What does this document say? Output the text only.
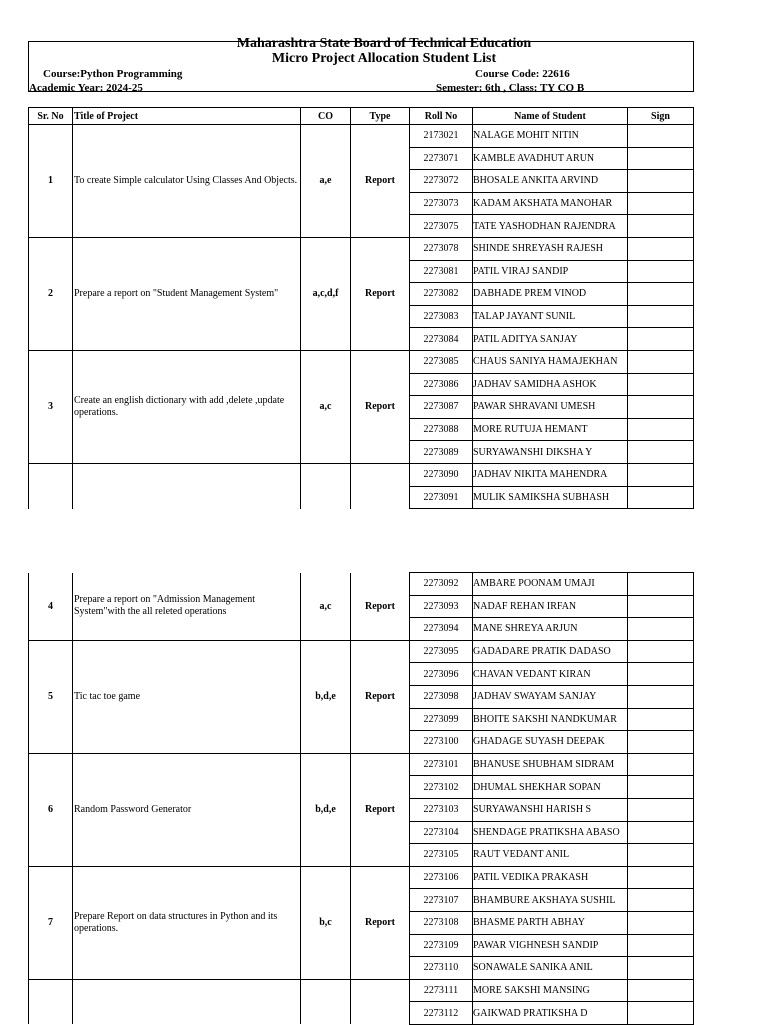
Maharashtra State Board of Technical Education
Micro Project Allocation Student List
Course:Python Programming	Course Code: 22616
Academic Year: 2024-25	Semester: 6th , Class: TY CO B
Sr. No	Title of Project	CO	Type	Roll No	Name of Student	Sign
1	To create Simple calculator Using Classes And Objects.	a,e	Report	2173021	NALAGE MOHIT NITIN	
				2273071	KAMBLE AVADHUT ARUN	
				2273072	BHOSALE ANKITA ARVIND	
				2273073	KADAM AKSHATA MANOHAR	
				2273075	TATE YASHODHAN RAJENDRA	
2	Prepare a report on "Student Management System"	a,c,d,f	Report	2273078	SHINDE SHREYASH RAJESH	
				2273081	PATIL VIRAJ SANDIP	
				2273082	DABHADE PREM VINOD	
				2273083	TALAP JAYANT SUNIL	
				2273084	PATIL ADITYA SANJAY	
3	Create an english dictionary with add ,delete ,update operations.	a,c	Report	2273085	CHAUS SANIYA HAMAJEKHAN	
				2273086	JADHAV SAMIDHA ASHOK	
				2273087	PAWAR SHRAVANI UMESH	
				2273088	MORE RUTUJA HEMANT	
				2273089	SURYAWANSHI DIKSHA Y	
				2273090	JADHAV NIKITA MAHENDRA	
				2273091	MULIK SAMIKSHA SUBHASH	
4	Prepare a report on "Admission Management System"with the all releted operations	a,c	Report	2273092	AMBARE POONAM UMAJI	
				2273093	NADAF REHAN IRFAN	
				2273094	MANE SHREYA ARJUN	
5	Tic tac toe game	b,d,e	Report	2273095	GADADARE PRATIK DADASO	
				2273096	CHAVAN VEDANT KIRAN	
				2273098	JADHAV SWAYAM SANJAY	
				2273099	BHOITE SAKSHI NANDKUMAR	
				2273100	GHADAGE SUYASH DEEPAK	
6	Random Password Generator	b,d,e	Report	2273101	BHANUSE SHUBHAM SIDRAM	
				2273102	DHUMAL SHEKHAR SOPAN	
				2273103	SURYAWANSHI HARISH S	
				2273104	SHENDAGE PRATIKSHA ABASO	
				2273105	RAUT VEDANT ANIL	
7	Prepare Report on data structures in Python and its operations.	b,c	Report	2273106	PATIL VEDIKA PRAKASH	
				2273107	BHAMBURE AKSHAYA SUSHIL	
				2273108	BHASME PARTH ABHAY	
				2273109	PAWAR VIGHNESH SANDIP	
				2273110	SONAWALE SANIKA ANIL	
				2273111	MORE SAKSHI MANSING	
				2273112	GAIKWAD PRATIKSHA D	
